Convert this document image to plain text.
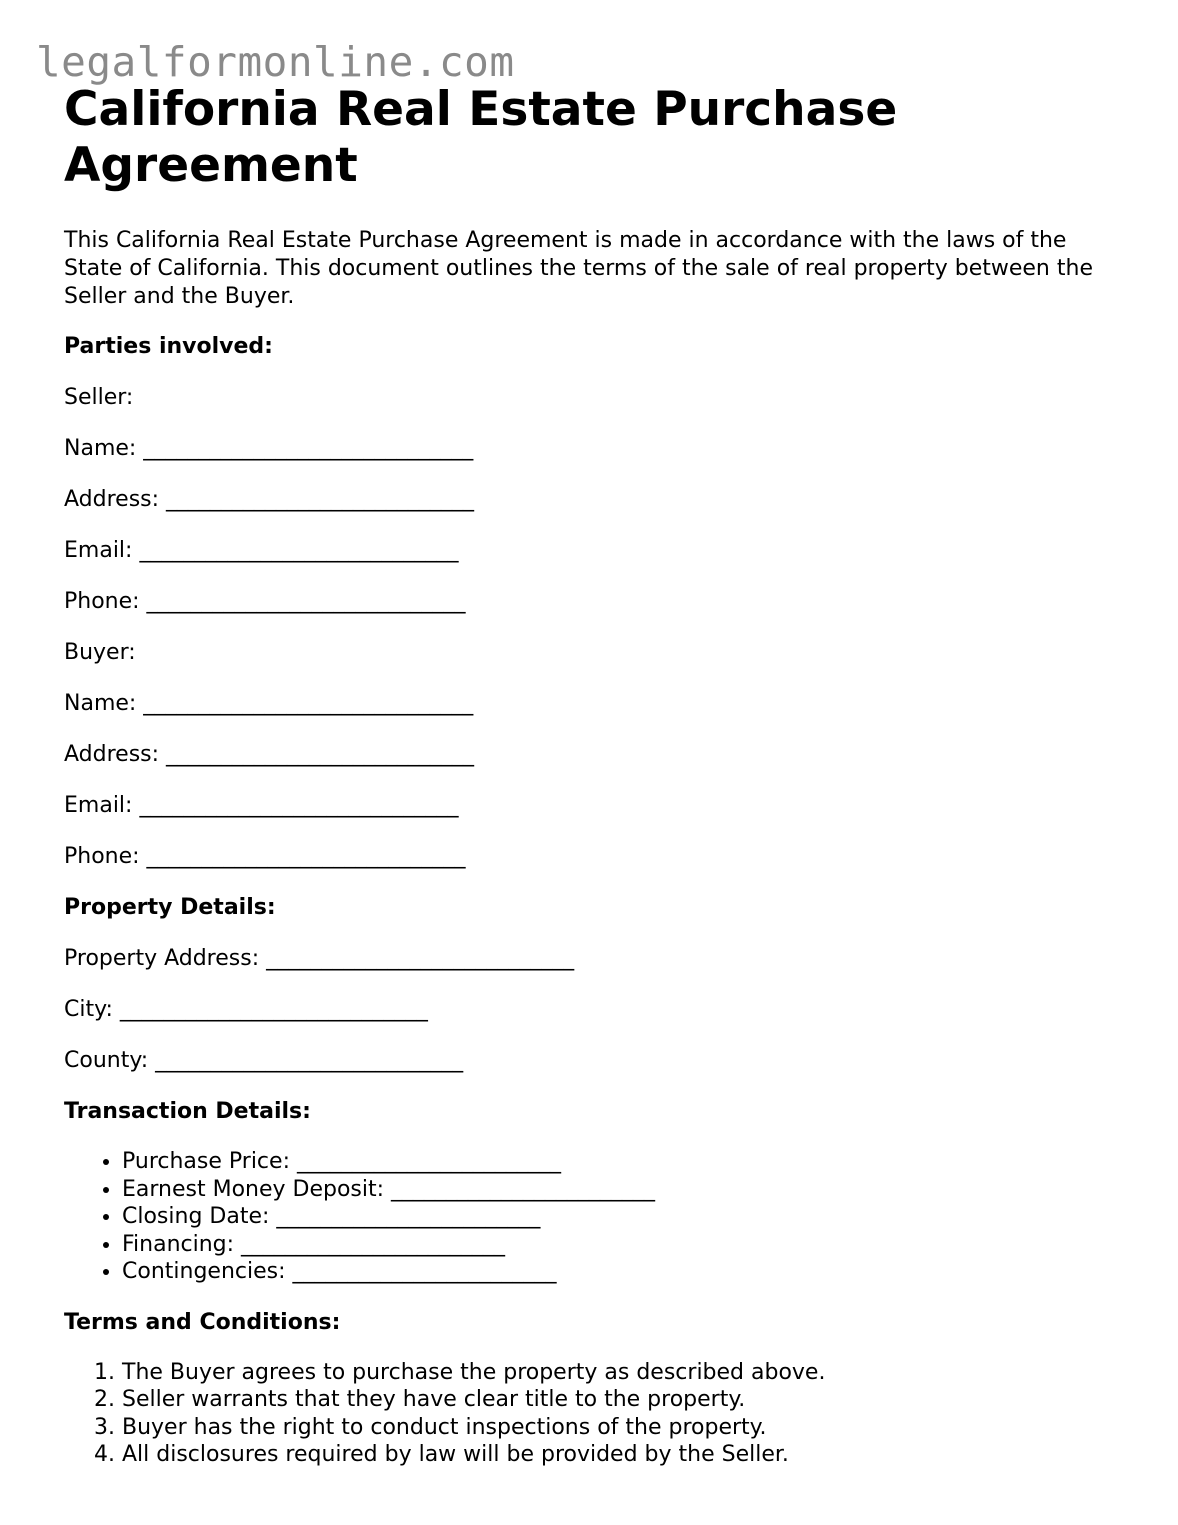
legalformonline.com
California Real Estate Purchase Agreement

This California Real Estate Purchase Agreement is made in accordance with the laws of the State of California. This document outlines the terms of the sale of real property between the Seller and the Buyer.

Parties involved:
Seller:
Name: ______________________________
Address: ____________________________
Email: _____________________________
Phone: _____________________________
Buyer:
Name: ______________________________
Address: ____________________________
Email: _____________________________
Phone: _____________________________
Property Details:
Property Address: ____________________________
City: ____________________________
County: ____________________________
Transaction Details:
• Purchase Price: ________________________
• Earnest Money Deposit: ________________________
• Closing Date: ________________________
• Financing: ________________________
• Contingencies: ________________________
Terms and Conditions:
1. The Buyer agrees to purchase the property as described above.
2. Seller warrants that they have clear title to the property.
3. Buyer has the right to conduct inspections of the property.
4. All disclosures required by law will be provided by the Seller.
